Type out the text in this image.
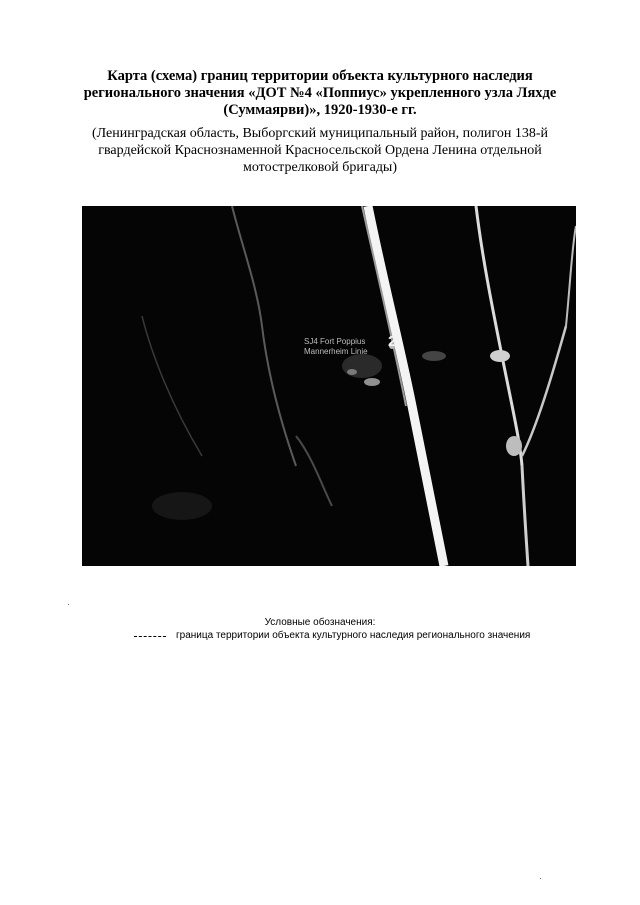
Карта (схема) границ территории объекта культурного наследия регионального значения «ДОТ №4 «Поппиус» укрепленного узла Ляхде (Суммаярви)», 1920-1930-е гг.
(Ленинградская область, Выборгский муниципальный район, полигон 138-й гвардейской Краснознаменной Красносельской Ордена Ленина отдельной мотострелковой бригады)
SJ4 Fort Poppius
Mannerheim Linie
2
Условные обозначения:
граница территории объекта культурного наследия регионального значения
